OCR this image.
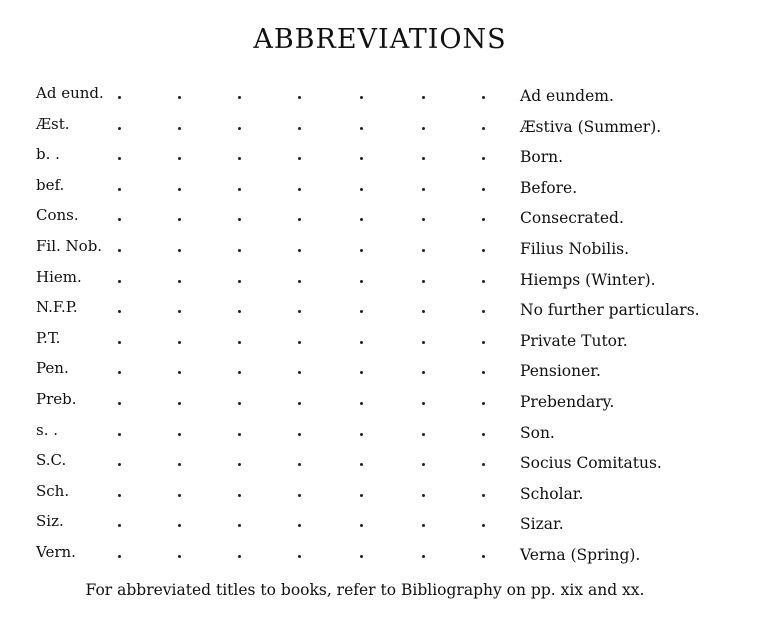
ABBREVIATIONS
Ad eund.	Ad eundem.
Æst.	Æstiva (Summer).
b. .	Born.
bef.	Before.
Cons.	Consecrated.
Fil. Nob.	Filius Nobilis.
Hiem.	Hiemps (Winter).
N.F.P.	No further particulars.
P.T.	Private Tutor.
Pen.	Pensioner.
Preb.	Prebendary.
s. .	Son.
S.C.	Socius Comitatus.
Sch.	Scholar.
Siz.	Sizar.
Vern.	Verna (Spring).
For abbreviated titles to books, refer to Bibliography on pp. xix and xx.
